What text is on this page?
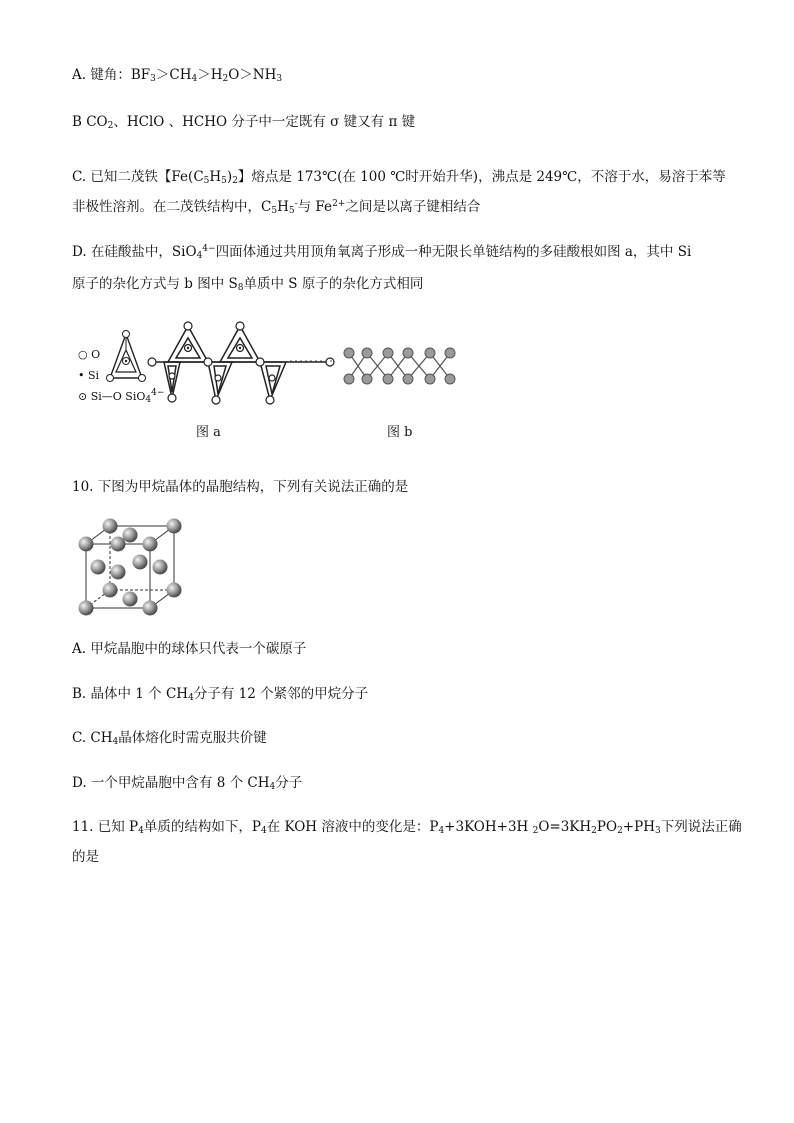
A. 键角：$BF_3>CH_4>H_2O>NH_3$
B $CO_2$、HClO 、HCHO 分子中一定既有 σ 键又有 π 键
C. 已知二茂铁【$Fe(C_5H_5)_2$】熔点是 173℃(在 100 ℃时开始升华)，沸点是 249℃，不溶于水，易溶于苯等
非极性溶剂。在二茂铁结构中，$C_5H_5^-$与 $Fe^{2+}$之间是以离子键相结合
D. 在硅酸盐中，SiO$_4^{4-}$四面体通过共用顶角氧离子形成一种无限长单链结构的多硅酸根如图 a，其中 Si
原子的杂化方式与 b 图中 $S_8$单质中 S 原子的杂化方式相同
○ O
• Si
⊙ Si—O SiO$_4^{4-}$
图 a	图 b
10. 下图为甲烷晶体的晶胞结构，下列有关说法正确的是
A. 甲烷晶胞中的球体只代表一个碳原子
B. 晶体中 1 个 $CH_4$分子有 12 个紧邻的甲烷分子
C. $CH_4$晶体熔化时需克服共价键
D. 一个甲烷晶胞中含有 8 个 $CH_4$分子
11. 已知 $P_4$单质的结构如下，$P_4$在 KOH 溶液中的变化是：$P_4+3KOH+3H$ $_2O=3KH_2PO_2+PH_3$下列说法正确
的是
